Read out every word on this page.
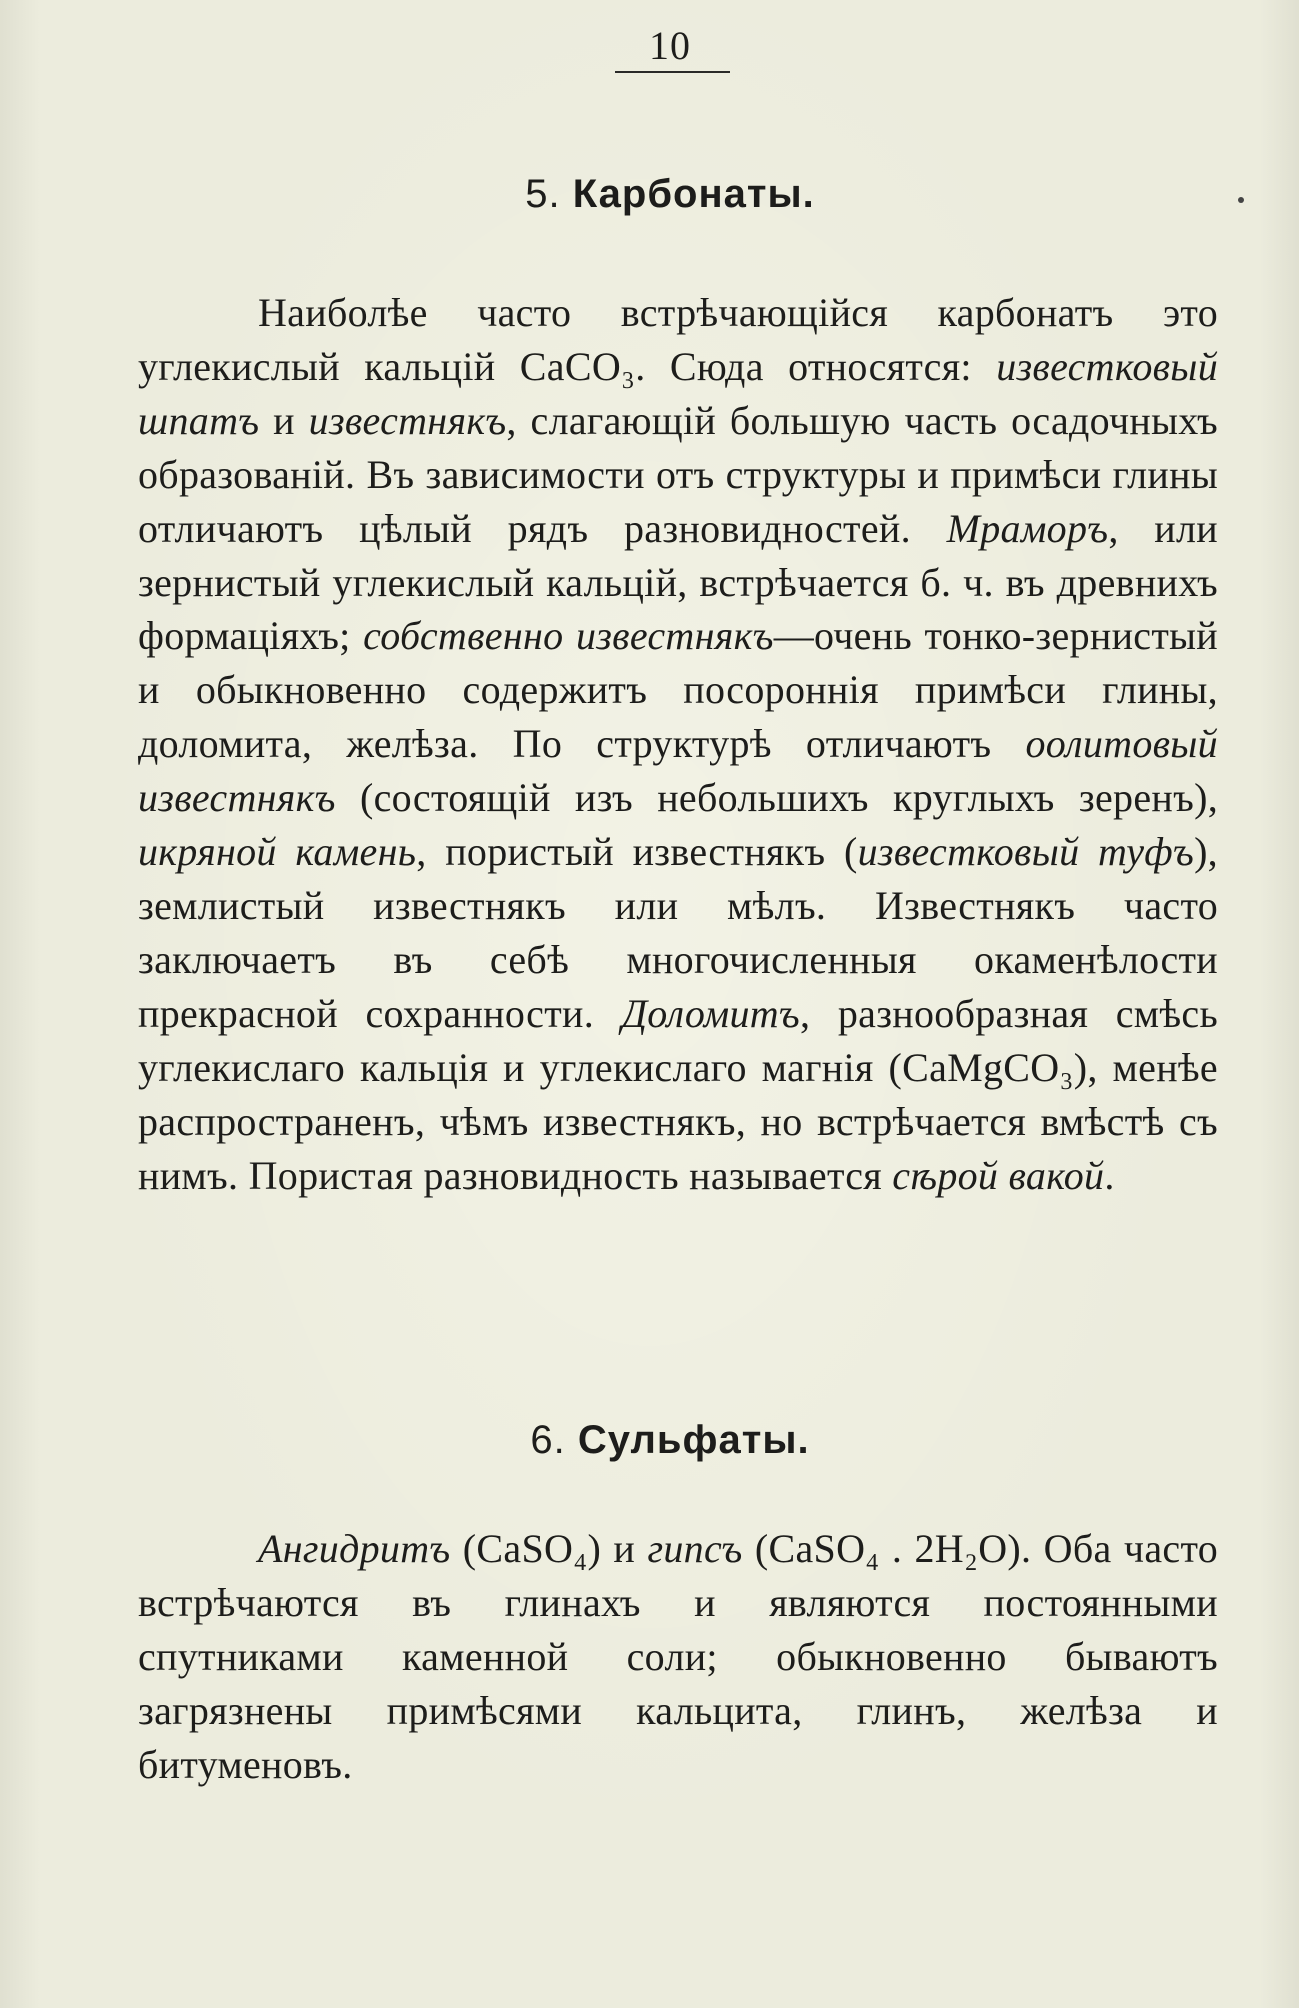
10
5. Карбонаты.

Наиболѣе часто встрѣчающійся карбонатъ это углекислый кальцій CaCO₃. Сюда относятся: известковый шпатъ и известнякъ, слагающій большую часть осадочныхъ образованій. Въ зависимости отъ структуры и примѣси глины отличаютъ цѣлый рядъ разновидностей. Мраморъ, или зернистый углекислый кальцій, встрѣчается б. ч. въ древнихъ формаціяхъ; собственно известнякъ—очень тонко-зернистый и обыкновенно содержитъ посороннія примѣси глины, доломита, желѣза. По структурѣ отличаютъ оолитовый известнякъ (состоящій изъ небольшихъ круглыхъ зеренъ), икряной камень, пористый известнякъ (известковый туфъ), землистый известнякъ или мѣлъ. Известнякъ часто заключаетъ въ себѣ многочисленныя окаменѣлости прекрасной сохранности. Доломитъ, разнообразная смѣсь углекислаго кальція и углекислаго магнія (CaMgCO₃), менѣе распространенъ, чѣмъ известнякъ, но встрѣчается вмѣстѣ съ нимъ. Пористая разновидность называется сѣрой вакой.

6. Сульфаты.

Ангидритъ (CaSO₄) и гипсъ (CaSO₄ . 2H₂O). Оба часто встрѣчаются въ глинахъ и являются постоянными спутниками каменной соли; обыкновенно бываютъ загрязнены примѣсями кальцита, глинъ, желѣза и битуменовъ.
